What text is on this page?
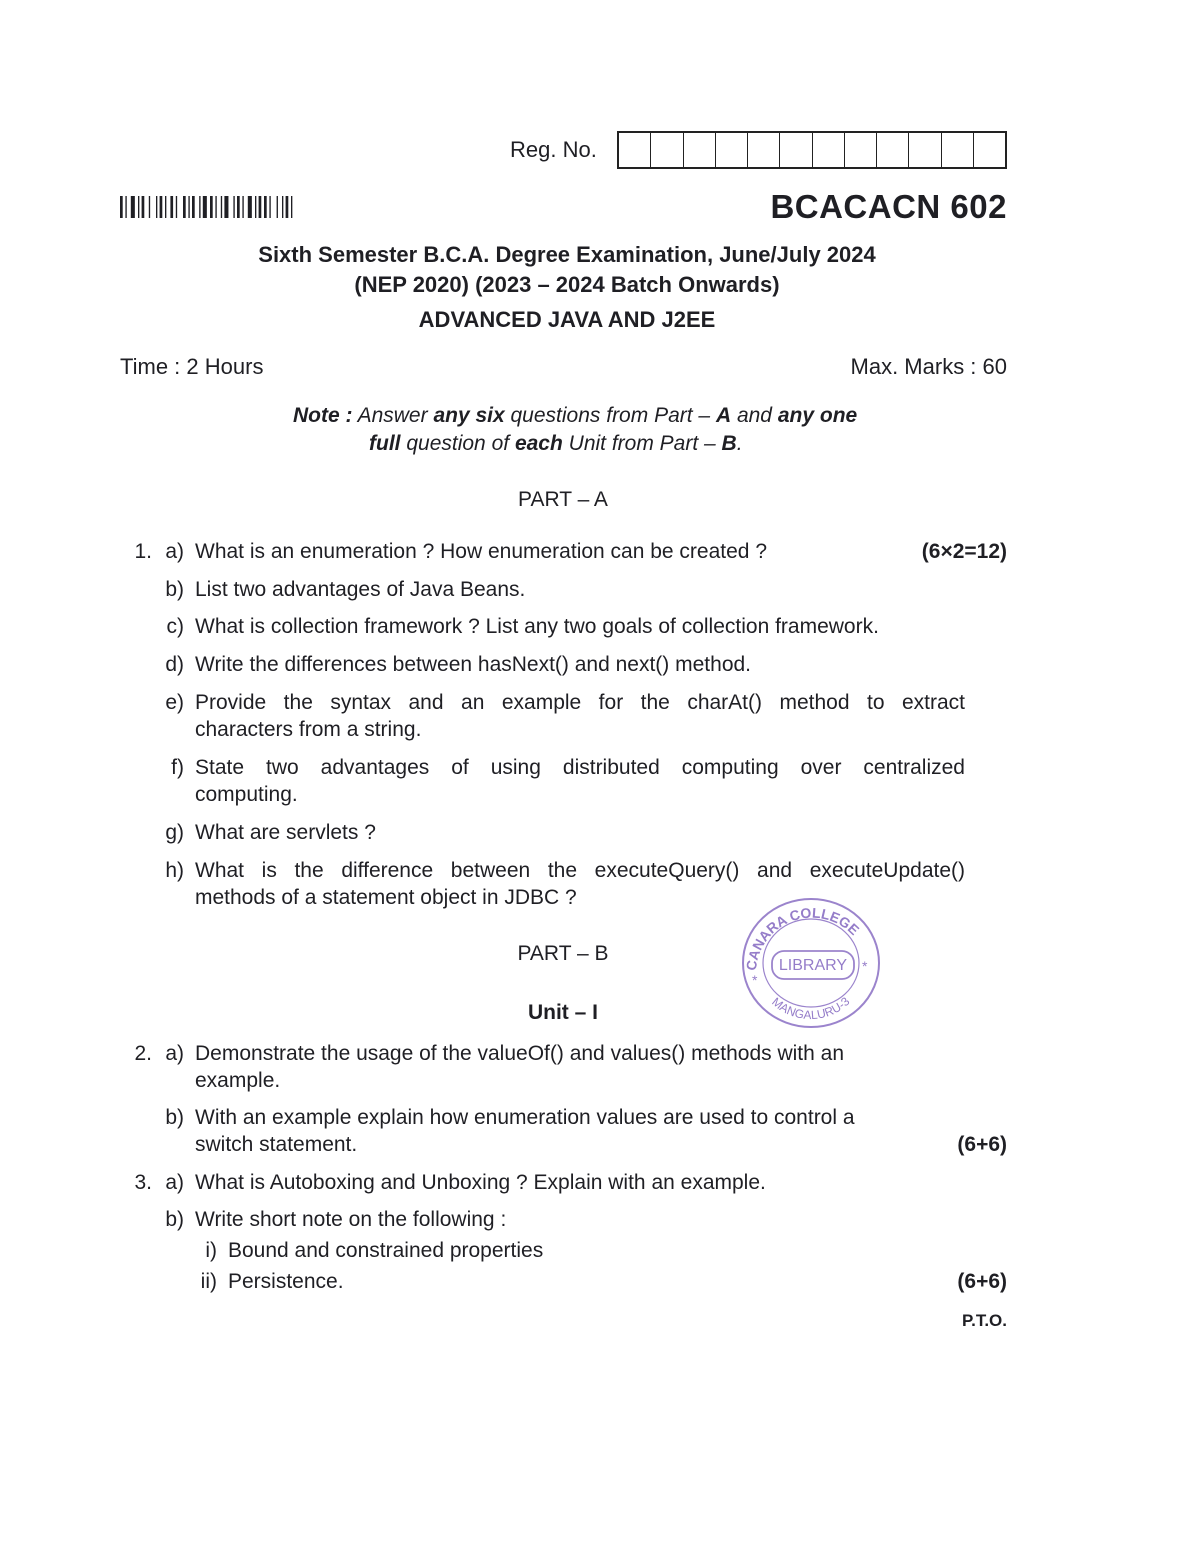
Reg. No.
BCACACN 602
Sixth Semester B.C.A. Degree Examination, June/July 2024
(NEP 2020) (2023 – 2024 Batch Onwards)
ADVANCED JAVA AND J2EE
Time : 2 Hours	Max. Marks : 60
Note : Answer any six questions from Part – A and any one
full question of each Unit from Part – B.
PART – A
1.	(6×2=12)
a) What is an enumeration ? How enumeration can be created ?
b) List two advantages of Java Beans.
c) What is collection framework ? List any two goals of collection framework.
d) Write the differences between hasNext() and next() method.
e) Provide the syntax and an example for the charAt() method to extract
characters from a string.
f) State two advantages of using distributed computing over centralized
computing.
g) What are servlets ?
h) What is the difference between the executeQuery() and executeUpdate()
methods of a statement object in JDBC ?
PART – B
Unit – I
2. a) Demonstrate the usage of the valueOf() and values() methods with an
example.
b) With an example explain how enumeration values are used to control a
switch statement.	(6+6)
3. a) What is Autoboxing and Unboxing ? Explain with an example.
b) Write short note on the following :
i) Bound and constrained properties
ii) Persistence.	(6+6)
P.T.O.
CANARA COLLEGE
LIBRARY
MANGALURU-3
*
*
